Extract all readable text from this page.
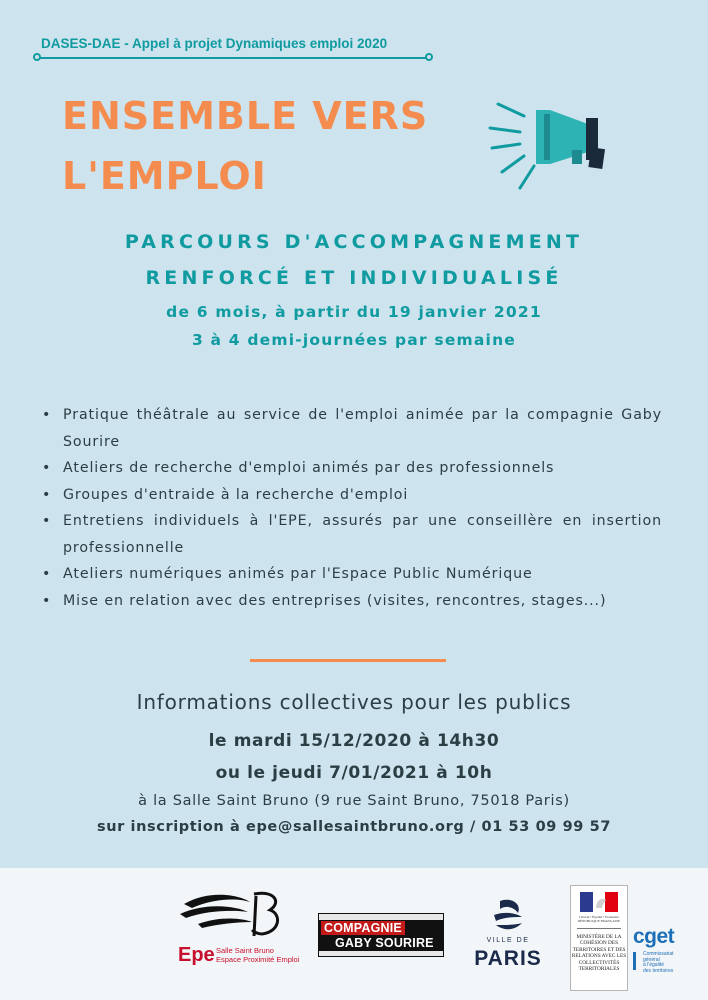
DASES-DAE - Appel à projet Dynamiques emploi 2020
ENSEMBLE VERS
L'EMPLOI
PARCOURS D'ACCOMPAGNEMENT
RENFORCÉ ET INDIVIDUALISÉ
de 6 mois, à partir du 19 janvier 2021
3 à 4 demi-journées par semaine
• Pratique théâtrale au service de l'emploi animée par la compagnie Gaby Sourire
• Ateliers de recherche d'emploi animés par des professionnels
• Groupes d'entraide à la recherche d'emploi
• Entretiens individuels à l'EPE, assurés par une conseillère en insertion professionnelle
• Ateliers numériques animés par l'Espace Public Numérique
• Mise en relation avec des entreprises (visites, rencontres, stages...)
Informations collectives pour les publics
le mardi 15/12/2020 à 14h30
ou le jeudi 7/01/2021 à 10h
à la Salle Saint Bruno (9 rue Saint Bruno, 75018 Paris)
sur inscription à epe@sallesaintbruno.org / 01 53 09 99 57
Epe Salle Saint Bruno
Espace Proximité Emploi
COMPAGNIE
GABY SOURIRE	VILLE DE
PARIS
Liberté • Égalité • Fraternité
RÉPUBLIQUE FRANÇAISE
MINISTÈRE DE LA COHÉSION DES TERRITOIRES ET DES RELATIONS AVEC LES COLLECTIVITÉS TERRITORIALES
cget
Commissariat
général
à l'égalité
des territoires
